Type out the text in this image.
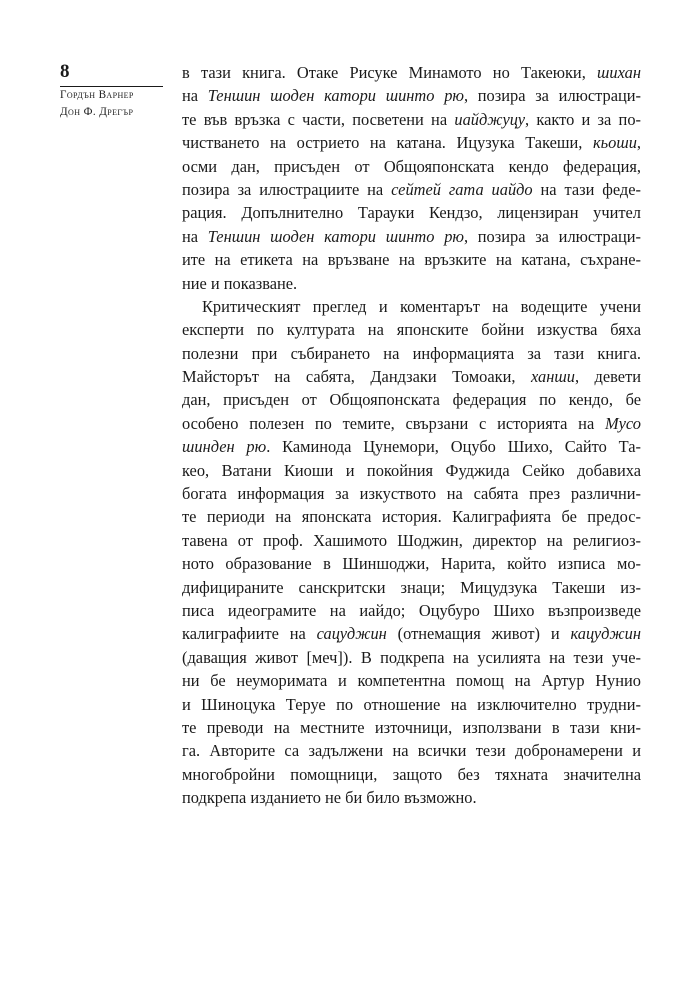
8
Гордън Варнер
Дон Ф. Дрегър
в тази книга. Отаке Рисуке Минамото но Такеюки, шихан
на Теншин шоден катори шинто рю, позира за илюстраци-
те във връзка с части, посветени на иайджуцу, както и за по-
чистването на острието на катана. Ицузука Такеши, кьоши,
осми дан, присъден от Общояпонската кендо федерация,
позира за илюстрациите на сейтей гата иайдо на тази феде-
рация. Допълнително Тарауки Кендзо, лицензиран учител
на Теншин шоден катори шинто рю, позира за илюстраци-
ите на етикета на връзване на връзките на катана, съхране-
ние и показване.
Критическият преглед и коментарът на водещите учени
експерти по културата на японските бойни изкуства бяха
полезни при събирането на информацията за тази книга.
Майсторът на сабята, Дандзаки Томоаки, ханши, девети
дан, присъден от Общояпонската федерация по кендо, бе
особено полезен по темите, свързани с историята на Мусо
шинден рю. Каминода Цунемори, Оцубо Шихо, Сайто Та-
кео, Ватани Киоши и покойния Фуджида Сейко добавиха
богата информация за изкуството на сабята през различни-
те периоди на японската история. Калиграфията бе предос-
тавена от проф. Хашимото Шоджин, директор на религиоз-
ното образование в Шиншоджи, Нарита, който изписа мо-
дифицираните санскритски знаци; Мицудзука Такеши из-
писа идеограмите на иайдо; Оцубуро Шихо възпроизведе
калиграфиите на сацуджин (отнемащия живот) и кацуджин
(даващия живот [меч]). В подкрепа на усилията на тези уче-
ни бе неуморимата и компетентна помощ на Артур Нунио
и Шиноцука Теруе по отношение на изключително трудни-
те преводи на местните източници, използвани в тази кни-
га. Авторите са задължени на всички тези добронамерени и
многобройни помощници, защото без тяхната значителна
подкрепа изданието не би било възможно.
